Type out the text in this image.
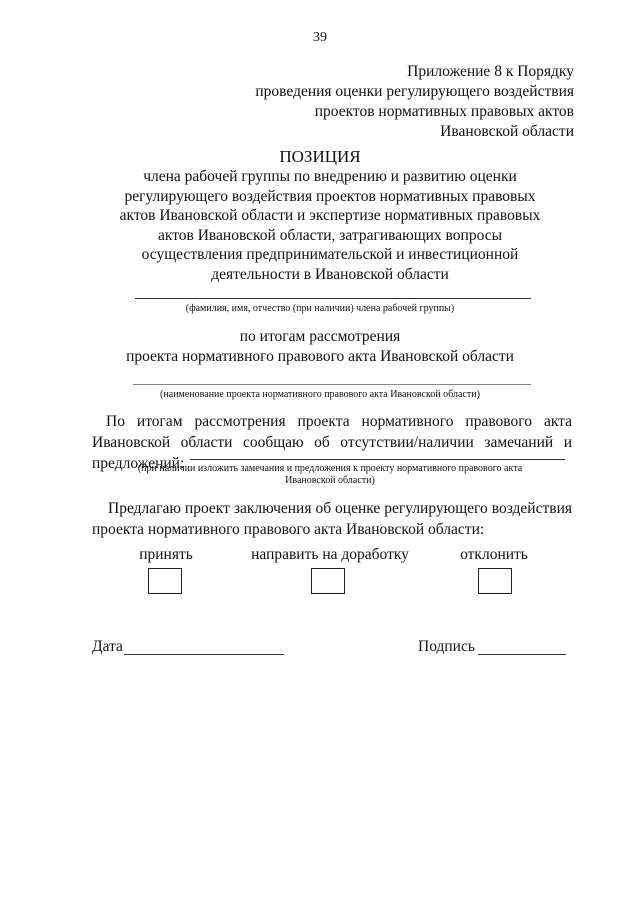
39
Приложение 8 к Порядку
проведения оценки регулирующего воздействия
проектов нормативных правовых актов
Ивановской области
ПОЗИЦИЯ
члена рабочей группы по внедрению и развитию оценки
регулирующего воздействия проектов нормативных правовых
актов Ивановской области и экспертизе нормативных правовых
актов Ивановской области, затрагивающих вопросы
осуществления предпринимательской и инвестиционной
деятельности в Ивановской области
(фамилия, имя, отчество (при наличии) члена рабочей группы)
по итогам рассмотрения
проекта нормативного правового акта Ивановской области
(наименование проекта нормативного правового акта Ивановской области)
По итогам рассмотрения проекта нормативного правового акта
Ивановской области сообщаю об отсутствии/наличии замечаний и
предложений:
(при наличии изложить замечания и предложения к проекту нормативного правового акта
Ивановской области)
Предлагаю проект заключения об оценке регулирующего воздействия
проекта нормативного правового акта Ивановской области:
принять	направить на доработку	отклонить
Дата	Подпись
